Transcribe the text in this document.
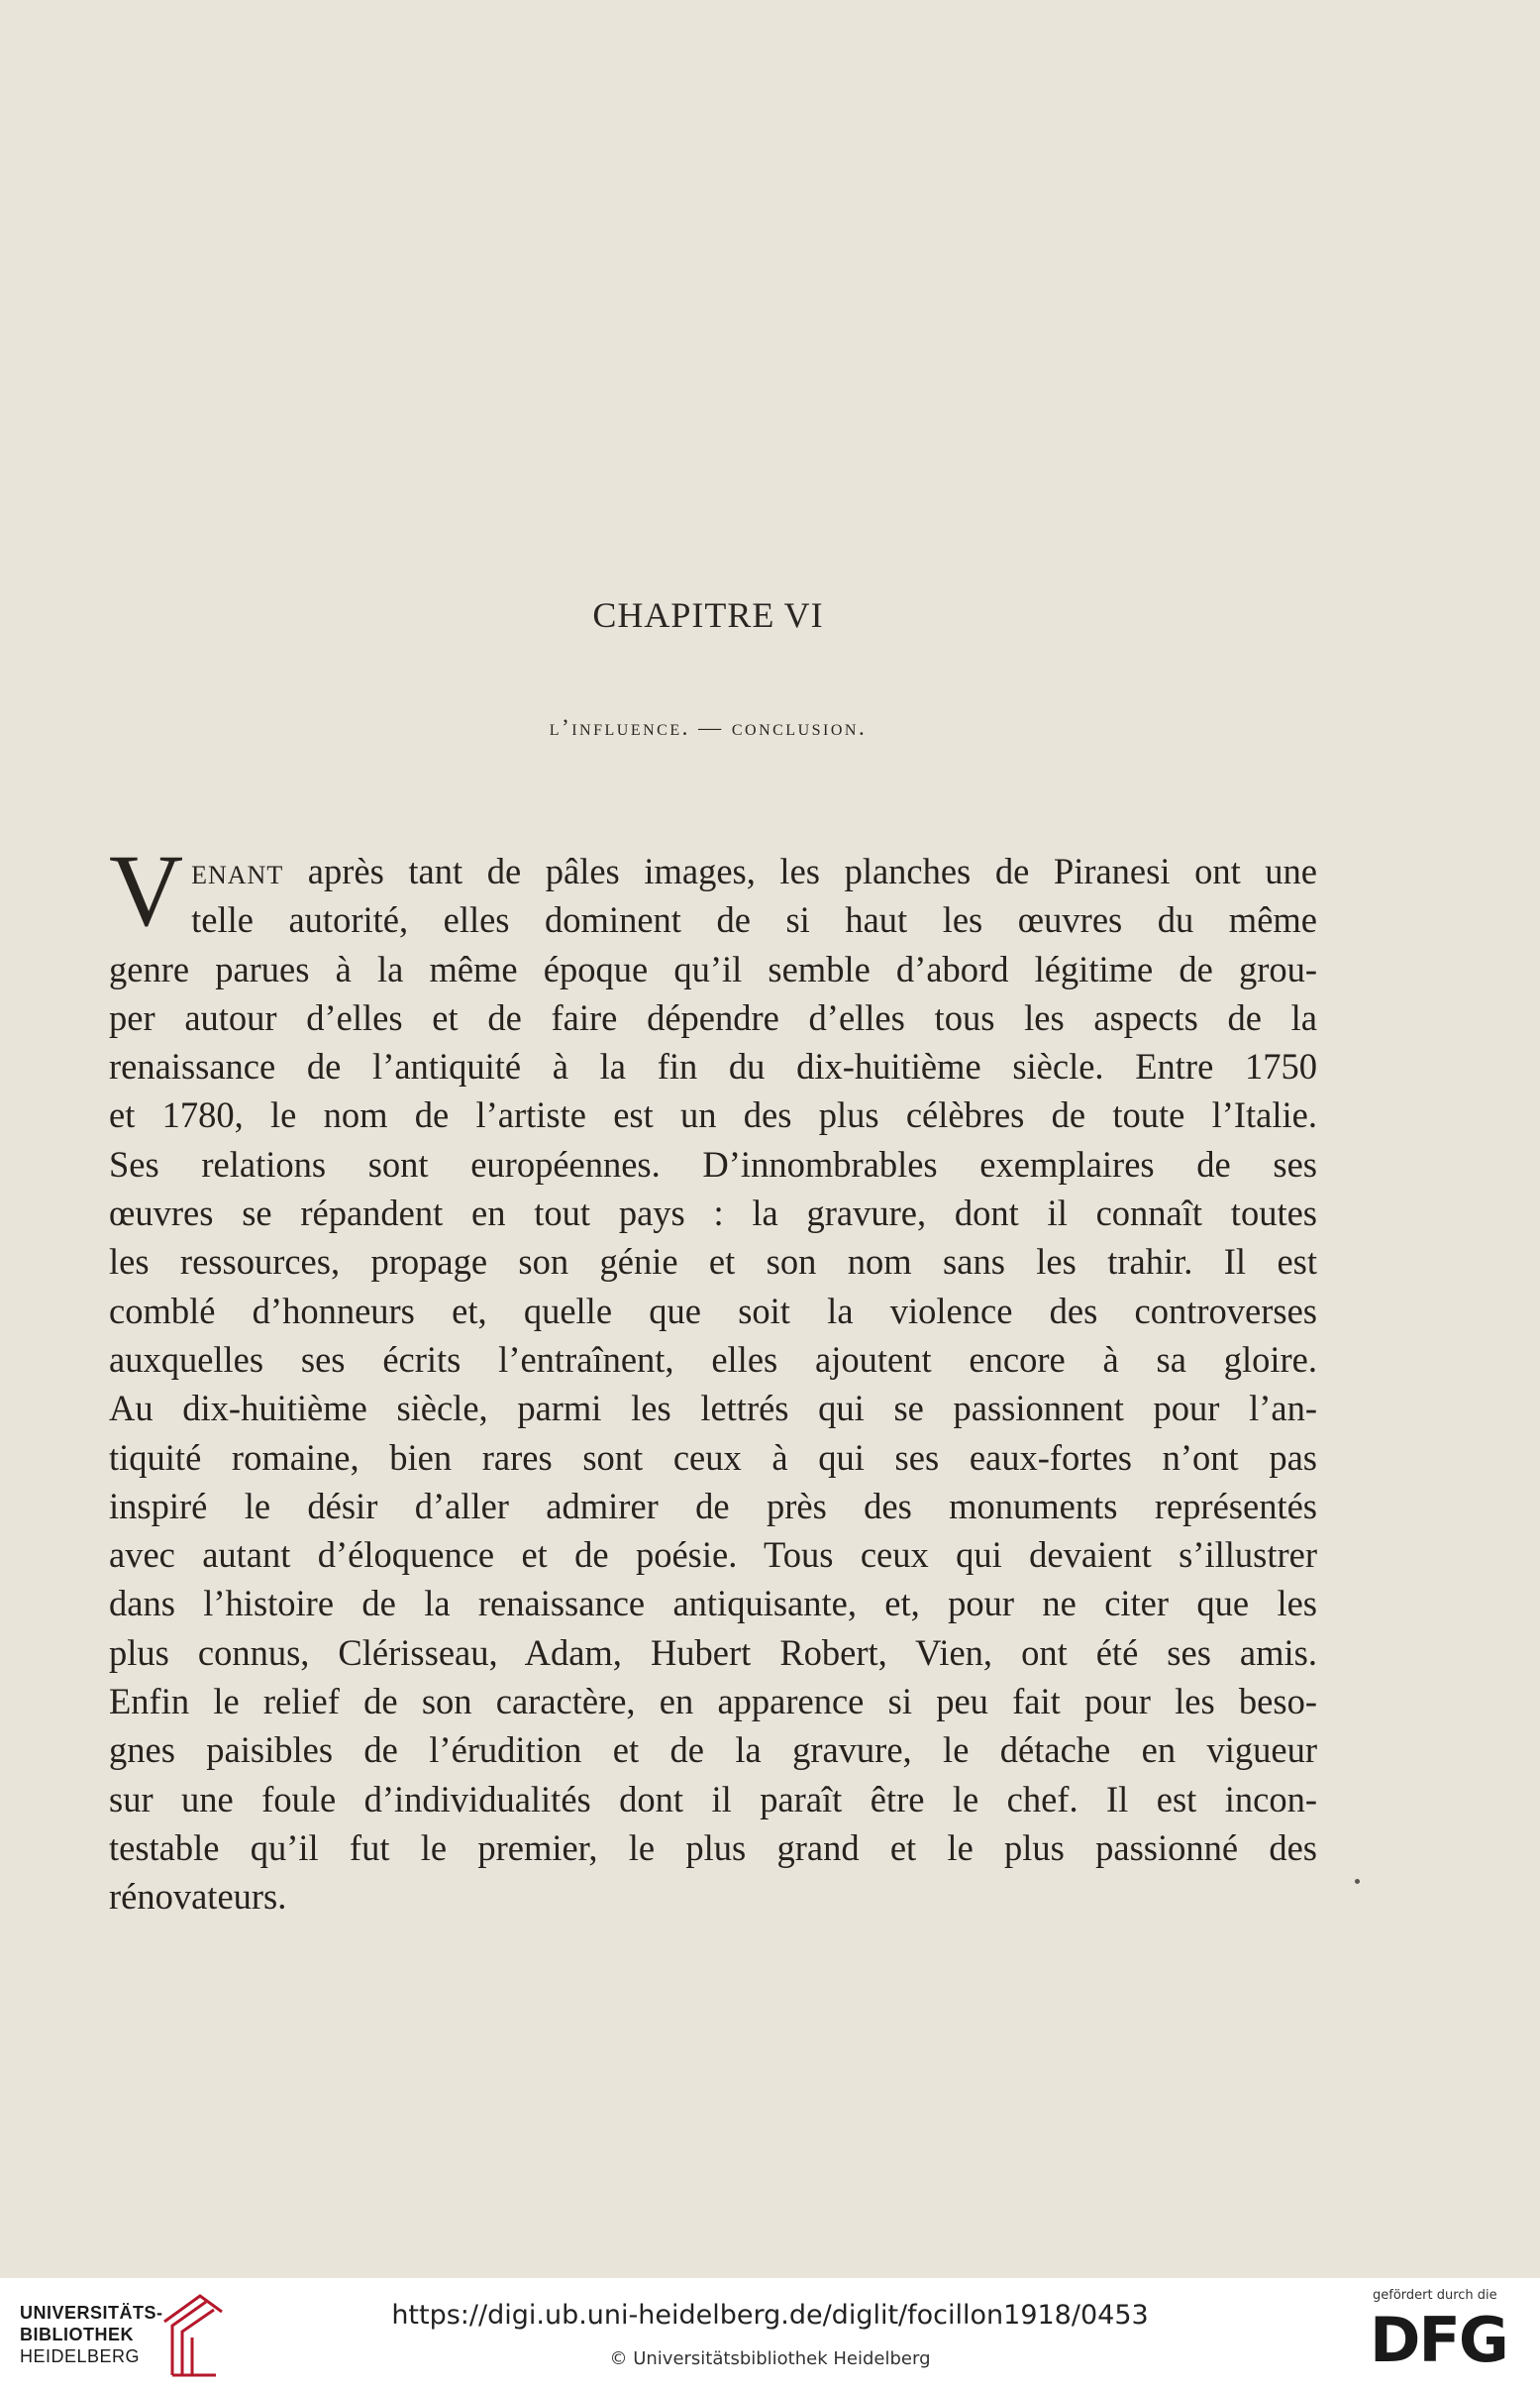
CHAPITRE VI
l’influence. — conclusion.
V enant après tant de pâles images, les planches de Piranesi ont une
telle autorité, elles dominent de si haut les œuvres du même
genre parues à la même époque qu’il semble d’abord légitime de grou-
per autour d’elles et de faire dépendre d’elles tous les aspects de la
renaissance de l’antiquité à la fin du dix-huitième siècle. Entre 1750
et 1780, le nom de l’artiste est un des plus célèbres de toute l’Italie.
Ses relations sont européennes. D’innombrables exemplaires de ses
œuvres se répandent en tout pays : la gravure, dont il connaît toutes
les ressources, propage son génie et son nom sans les trahir. Il est
comblé d’honneurs et, quelle que soit la violence des controverses
auxquelles ses écrits l’entraînent, elles ajoutent encore à sa gloire.
Au dix-huitième siècle, parmi les lettrés qui se passionnent pour l’an-
tiquité romaine, bien rares sont ceux à qui ses eaux-fortes n’ont pas
inspiré le désir d’aller admirer de près des monuments représentés
avec autant d’éloquence et de poésie. Tous ceux qui devaient s’illustrer
dans l’histoire de la renaissance antiquisante, et, pour ne citer que les
plus connus, Clérisseau, Adam, Hubert Robert, Vien, ont été ses amis.
Enfin le relief de son caractère, en apparence si peu fait pour les beso-
gnes paisibles de l’érudition et de la gravure, le détache en vigueur
sur une foule d’individualités dont il paraît être le chef. Il est incon-
testable qu’il fut le premier, le plus grand et le plus passionné des
rénovateurs.
UNIVERSITÄTS-
BIBLIOTHEK
HEIDELBERG
https://digi.ub.uni-heidelberg.de/diglit/focillon1918/0453
© Universitätsbibliothek Heidelberg
gefördert durch die
DFG
